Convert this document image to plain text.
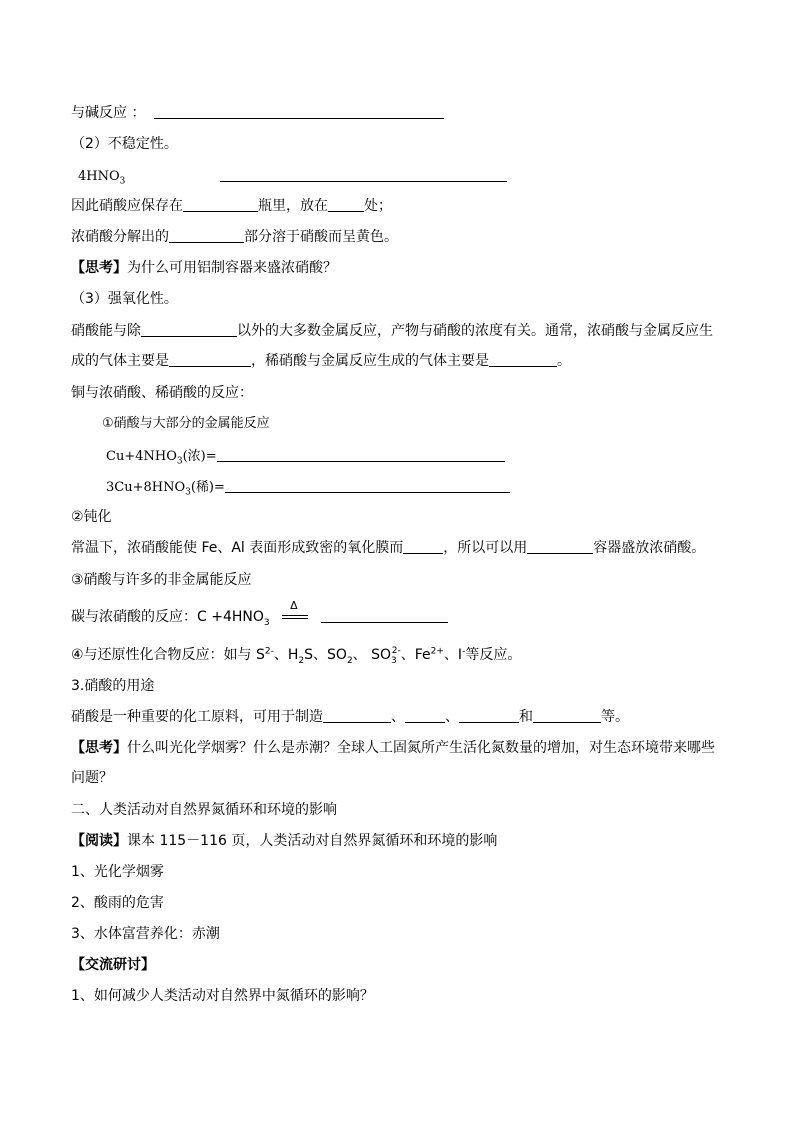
与碱反应 ：
（2）不稳定性。
$4HNO_3$
因此硝酸应保存在	瓶里，放在	处；
浓硝酸分解出的	部分溶于硝酸而呈黄色。
【思考】为什么可用铝制容器来盛浓硝酸？
（3）强氧化性。
硝酸能与除	以外的大多数金属反应，产物与硝酸的浓度有关。通常，浓硝酸与金属反应生
成的气体主要是	，稀硝酸与金属反应生成的气体主要是	。
铜与浓硝酸、稀硝酸的反应：
①硝酸与大部分的金属能反应
$Cu+4NHO_3$(浓)=
$3Cu+8HNO_3$(稀)=
②钝化
常温下，浓硝酸能使 Fe、Al 表面形成致密的氧化膜而	，所以可以用	容器盛放浓硝酸。
③硝酸与许多的非金属能反应
碳与浓硝酸的反应：$C +4HNO_3$
Δ

④与还原性化合物反应：如与 $S^{2-}$、$H_2S$、$SO_2$、 $SO_3^{2-}$、$Fe^{2+}$、I-等反应。
3.硝酸的用途
硝酸是一种重要的化工原料，可用于制造	、	、	和	等。
【思考】什么叫光化学烟雾？什么是赤潮？全球人工固氮所产生活化氮数量的增加，对生态环境带来哪些
问题？
二、人类活动对自然界氮循环和环境的影响
【阅读】课本 115－116 页，人类活动对自然界氮循环和环境的影响
1、光化学烟雾
2、酸雨的危害
3、水体富营养化：赤潮
【交流研讨】
1、如何减少人类活动对自然界中氮循环的影响？
